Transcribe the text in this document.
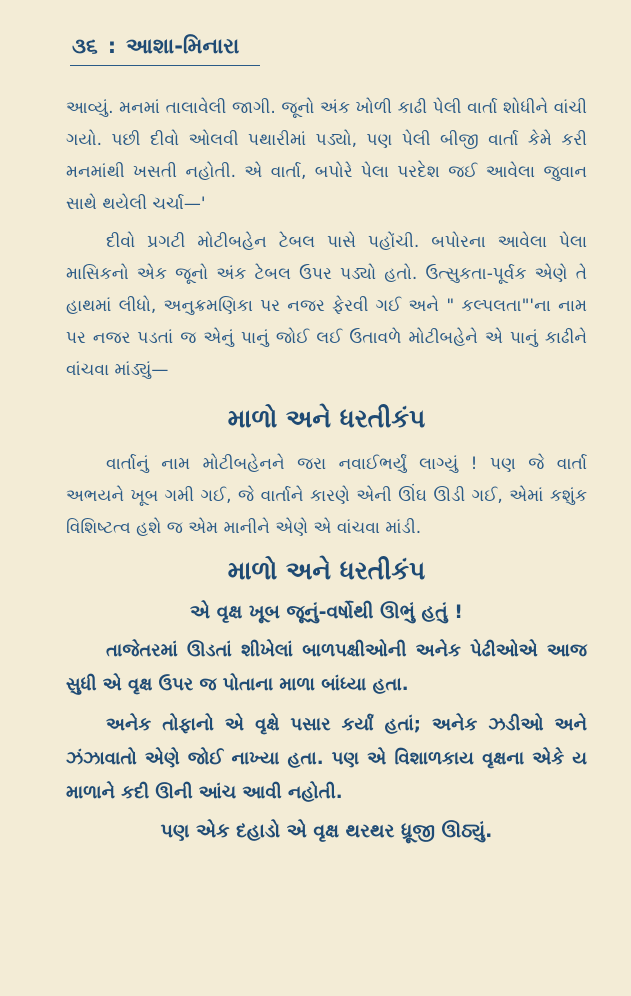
૩૬ : આશા-મિનારા

આવ્યું. મનમાં તાલાવેલી જાગી. જૂનો અંક ખોળી કાઢી પેલી વાર્તા શોધીને વાંચી ગયો. પછી દીવો ઓલવી પથારીમાં પડ્યો, પણ પેલી બીજી વાર્તા કેમે કરી મનમાંથી ખસતી નહોતી. એ વાર્તા, બપોરે પેલા પરદેશ જઈ આવેલા જુવાન સાથે થયેલી ચર્ચા—'

દીવો પ્રગટી મોટીબહેન ટેબલ પાસે પહોંચી. બપોરના આવેલા પેલા માસિકનો એક જૂનો અંક ટેબલ ઉપર પડ્યો હતો. ઉત્સુકતા-પૂર્વક એણે તે હાથમાં લીધો, અનુક્રમણિકા પર નજર ફેરવી ગઈ અને " કલ્પલતા"'ના નામ પર નજર પડતાં જ એનું પાનું જોઈ લઈ ઉતાવળે મોટીબહેને એ પાનું કાઢીને વાંચવા માંડ્યું—

માળો અને ધરતીકંપ

વાર્તાનું નામ મોટીબહેનને જરા નવાઈભર્યું લાગ્યું ! પણ જે વાર્તા અભયને ખૂબ ગમી ગઈ, જે વાર્તાને કારણે એની ઊંઘ ઊડી ગઈ, એમાં કશુંક વિશિષ્ટત્વ હશે જ એમ માનીને એણે એ વાંચવા માંડી.

માળો અને ધરતીકંપ

એ વૃક્ષ ખૂબ જૂનું-વર્ષોથી ઊભું હતું !

તાજેતરમાં ઊડતાં શીખેલાં બાળપક્ષીઓની અનેક પેઢીઓએ આજ સુધી એ વૃક્ષ ઉપર જ પોતાના માળા બાંધ્યા હતા.

અનેક તોફાનો એ વૃક્ષે પસાર કર્યાં હતાં; અનેક ઝડીઓ અને ઝંઝાવાતો એણે જોઈ નાખ્યા હતા. પણ એ વિશાળકાય વૃક્ષના એકે ય માળાને કદી ઊની આંચ આવી નહોતી.

પણ એક દહાડો એ વૃક્ષ થરથર ધ્રૂજી ઊઠ્યું.
